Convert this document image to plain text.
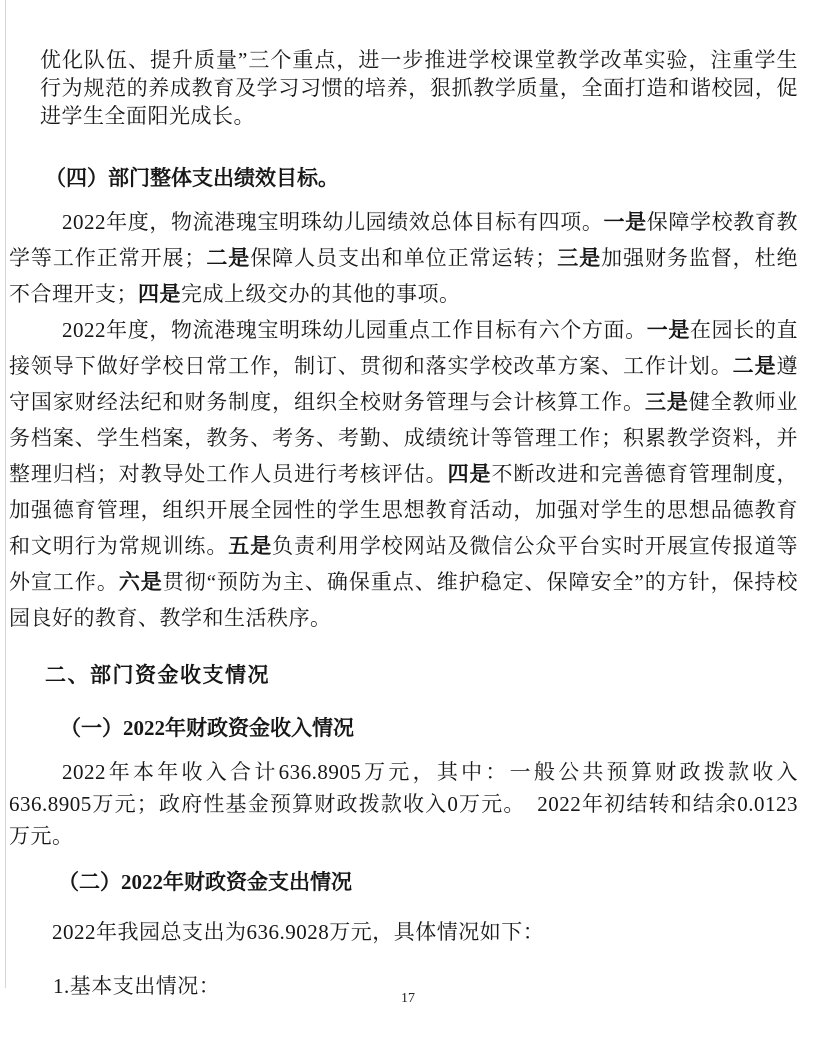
优化队伍、提升质量”三个重点，进一步推进学校课堂教学改革实验，注重学生行为规范的养成教育及学习习惯的培养，狠抓教学质量，全面打造和谐校园，促进学生全面阳光成长。

（四）部门整体支出绩效目标。

2022年度，物流港瑰宝明珠幼儿园绩效总体目标有四项。一是保障学校教育教学等工作正常开展；二是保障人员支出和单位正常运转；三是加强财务监督，杜绝不合理开支；四是完成上级交办的其他的事项。

2022年度，物流港瑰宝明珠幼儿园重点工作目标有六个方面。一是在园长的直接领导下做好学校日常工作，制订、贯彻和落实学校改革方案、工作计划。二是遵守国家财经法纪和财务制度，组织全校财务管理与会计核算工作。三是健全教师业务档案、学生档案，教务、考务、考勤、成绩统计等管理工作；积累教学资料，并整理归档；对教导处工作人员进行考核评估。四是不断改进和完善德育管理制度，加强德育管理，组织开展全园性的学生思想教育活动，加强对学生的思想品德教育和文明行为常规训练。五是负责利用学校网站及微信公众平台实时开展宣传报道等外宣工作。六是贯彻“预防为主、确保重点、维护稳定、保障安全”的方针，保持校园良好的教育、教学和生活秩序。

二、部门资金收支情况

（一）2022年财政资金收入情况

2022年本年收入合计636.8905万元，其中：一般公共预算财政拨款收入636.8905万元；政府性基金预算财政拨款收入0万元。　2022年初结转和结余0.0123万元。

（二）2022年财政资金支出情况

2022年我园总支出为636.9028万元，具体情况如下：

1.基本支出情况：

17
